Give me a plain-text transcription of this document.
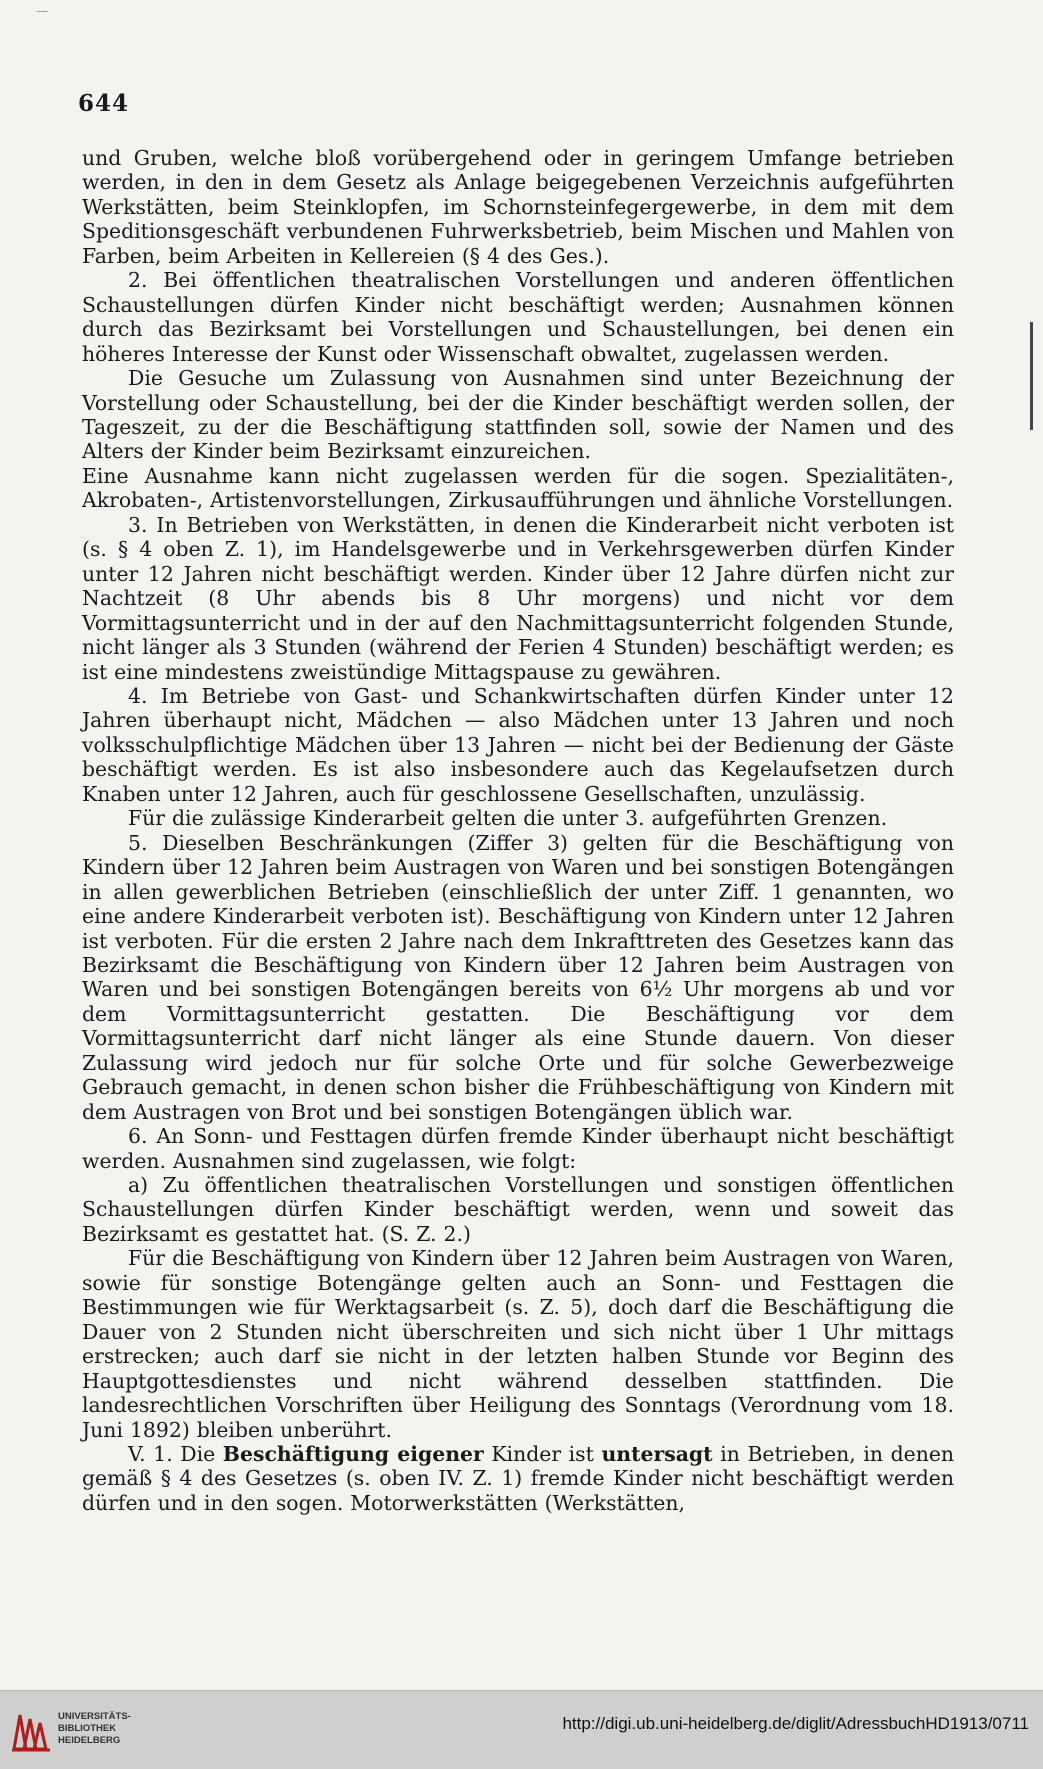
—
644

und Gruben, welche bloß vorübergehend oder in geringem Umfange betrieben werden, in den in dem Gesetz als Anlage beigegebenen Verzeichnis aufgeführten Werkstätten, beim Steinklopfen, im Schornsteinfegergewerbe, in dem mit dem Speditionsgeschäft verbundenen Fuhrwerksbetrieb, beim Mischen und Mahlen von Farben, beim Arbeiten in Kellereien (§ 4 des Ges.).

2. Bei öffentlichen theatralischen Vorstellungen und anderen öffentlichen Schaustellungen dürfen Kinder nicht beschäftigt werden; Ausnahmen können durch das Bezirksamt bei Vorstellungen und Schaustellungen, bei denen ein höheres Interesse der Kunst oder Wissenschaft obwaltet, zugelassen werden.

Die Gesuche um Zulassung von Ausnahmen sind unter Bezeichnung der Vorstellung oder Schaustellung, bei der die Kinder beschäftigt werden sollen, der Tageszeit, zu der die Beschäftigung stattfinden soll, sowie der Namen und des Alters der Kinder beim Bezirksamt einzureichen.

Eine Ausnahme kann nicht zugelassen werden für die sogen. Spezialitäten-, Akrobaten-, Artistenvorstellungen, Zirkusaufführungen und ähnliche Vorstellungen.

3. In Betrieben von Werkstätten, in denen die Kinderarbeit nicht verboten ist (s. § 4 oben Z. 1), im Handelsgewerbe und in Verkehrsgewerben dürfen Kinder unter 12 Jahren nicht beschäftigt werden. Kinder über 12 Jahre dürfen nicht zur Nachtzeit (8 Uhr abends bis 8 Uhr morgens) und nicht vor dem Vormittagsunterricht und in der auf den Nachmittagsunterricht folgenden Stunde, nicht länger als 3 Stunden (während der Ferien 4 Stunden) beschäftigt werden; es ist eine mindestens zweistündige Mittagspause zu gewähren.

4. Im Betriebe von Gast- und Schankwirtschaften dürfen Kinder unter 12 Jahren überhaupt nicht, Mädchen — also Mädchen unter 13 Jahren und noch volksschulpflichtige Mädchen über 13 Jahren — nicht bei der Bedienung der Gäste beschäftigt werden. Es ist also insbesondere auch das Kegelaufsetzen durch Knaben unter 12 Jahren, auch für geschlossene Gesellschaften, unzulässig.

Für die zulässige Kinderarbeit gelten die unter 3. aufgeführten Grenzen.

5. Dieselben Beschränkungen (Ziffer 3) gelten für die Beschäftigung von Kindern über 12 Jahren beim Austragen von Waren und bei sonstigen Botengängen in allen gewerblichen Betrieben (einschließlich der unter Ziff. 1 genannten, wo eine andere Kinderarbeit verboten ist). Beschäftigung von Kindern unter 12 Jahren ist verboten. Für die ersten 2 Jahre nach dem Inkrafttreten des Gesetzes kann das Bezirksamt die Beschäftigung von Kindern über 12 Jahren beim Austragen von Waren und bei sonstigen Botengängen bereits von 6½ Uhr morgens ab und vor dem Vormittagsunterricht gestatten. Die Beschäftigung vor dem Vormittagsunterricht darf nicht länger als eine Stunde dauern. Von dieser Zulassung wird jedoch nur für solche Orte und für solche Gewerbezweige Gebrauch gemacht, in denen schon bisher die Frühbeschäftigung von Kindern mit dem Austragen von Brot und bei sonstigen Botengängen üblich war.

6. An Sonn- und Festtagen dürfen fremde Kinder überhaupt nicht beschäftigt werden. Ausnahmen sind zugelassen, wie folgt:

a) Zu öffentlichen theatralischen Vorstellungen und sonstigen öffentlichen Schaustellungen dürfen Kinder beschäftigt werden, wenn und soweit das Bezirksamt es gestattet hat. (S. Z. 2.)

Für die Beschäftigung von Kindern über 12 Jahren beim Austragen von Waren, sowie für sonstige Botengänge gelten auch an Sonn- und Festtagen die Bestimmungen wie für Werktagsarbeit (s. Z. 5), doch darf die Beschäftigung die Dauer von 2 Stunden nicht überschreiten und sich nicht über 1 Uhr mittags erstrecken; auch darf sie nicht in der letzten halben Stunde vor Beginn des Hauptgottesdienstes und nicht während desselben stattfinden. Die landesrechtlichen Vorschriften über Heiligung des Sonntags (Verordnung vom 18. Juni 1892) bleiben unberührt.

V. 1. Die Beschäftigung eigener Kinder ist untersagt in Betrieben, in denen gemäß § 4 des Gesetzes (s. oben IV. Z. 1) fremde Kinder nicht beschäftigt werden dürfen und in den sogen. Motorwerkstätten (Werkstätten,

UNIVERSITÄTS-
BIBLIOTHEK
HEIDELBERG
http://digi.ub.uni-heidelberg.de/diglit/AdressbuchHD1913/0711
